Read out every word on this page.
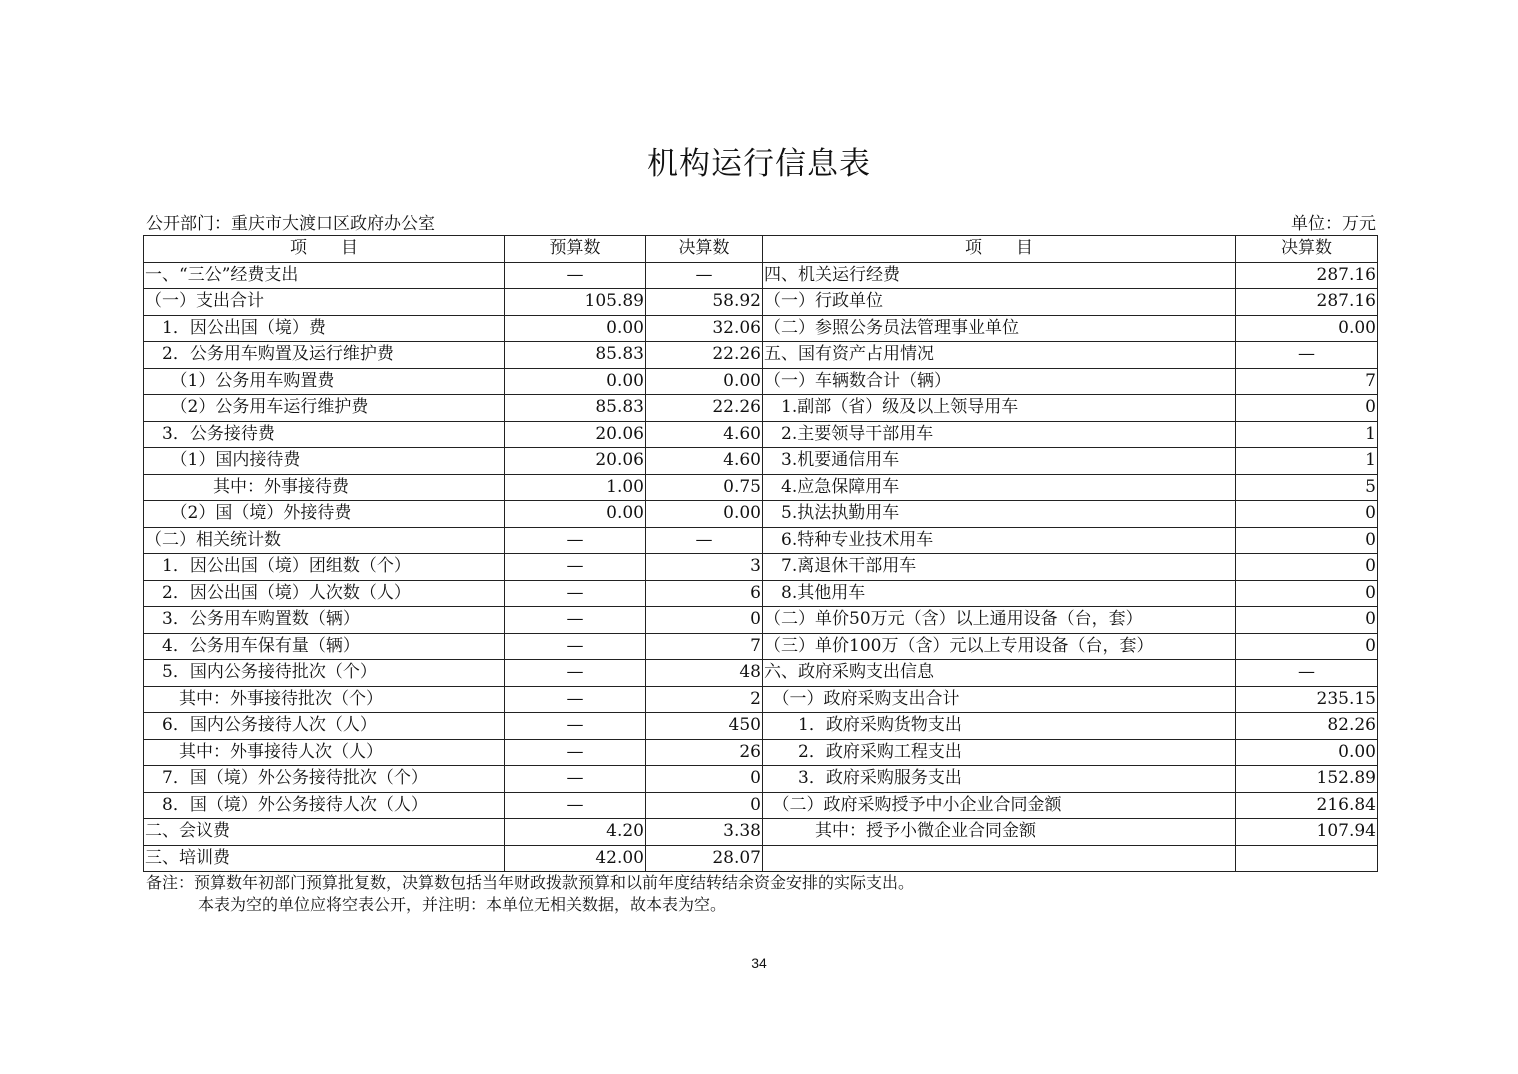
机构运行信息表
公开部门：重庆市大渡口区政府办公室	单位：万元
项　　目	预算数	决算数	项　　目	决算数
一、“三公”经费支出	—	—	四、机关运行经费	287.16
（一）支出合计	105.89	58.92	（一）行政单位	287.16
　1．因公出国（境）费	0.00	32.06	（二）参照公务员法管理事业单位	0.00
　2．公务用车购置及运行维护费	85.83	22.26	五、国有资产占用情况	—
　　（1）公务用车购置费	0.00	0.00	（一）车辆数合计（辆）	7
　　（2）公务用车运行维护费	85.83	22.26	　1.副部（省）级及以上领导用车	0
　3．公务接待费	20.06	4.60	　2.主要领导干部用车	1
　　（1）国内接待费	20.06	4.60	　3.机要通信用车	1
　　　　其中：外事接待费	1.00	0.75	　4.应急保障用车	5
　　（2）国（境）外接待费	0.00	0.00	　5.执法执勤用车	0
（二）相关统计数	—	—	　6.特种专业技术用车	0
　1．因公出国（境）团组数（个）	—	3	　7.离退休干部用车	0
　2．因公出国（境）人次数（人）	—	6	　8.其他用车	0
　3．公务用车购置数（辆）	—	0	（二）单价50万元（含）以上通用设备（台，套）	0
　4．公务用车保有量（辆）	—	7	（三）单价100万（含）元以上专用设备（台，套）	0
　5．国内公务接待批次（个）	—	48	六、政府采购支出信息	—
　　其中：外事接待批次（个）	—	2	　（一）政府采购支出合计	235.15
　6．国内公务接待人次（人）	—	450	　　1．政府采购货物支出	82.26
　　其中：外事接待人次（人）	—	26	　　2．政府采购工程支出	0.00
　7．国（境）外公务接待批次（个）	—	0	　　3．政府采购服务支出	152.89
　8．国（境）外公务接待人次（人）	—	0	　（二）政府采购授予中小企业合同金额	216.84
二、会议费	4.20	3.38	　　　其中：授予小微企业合同金额	107.94
三、培训费	42.00	28.07		
备注：预算数年初部门预算批复数，决算数包括当年财政拨款预算和以前年度结转结余资金安排的实际支出。
本表为空的单位应将空表公开，并注明：本单位无相关数据，故本表为空。
34
